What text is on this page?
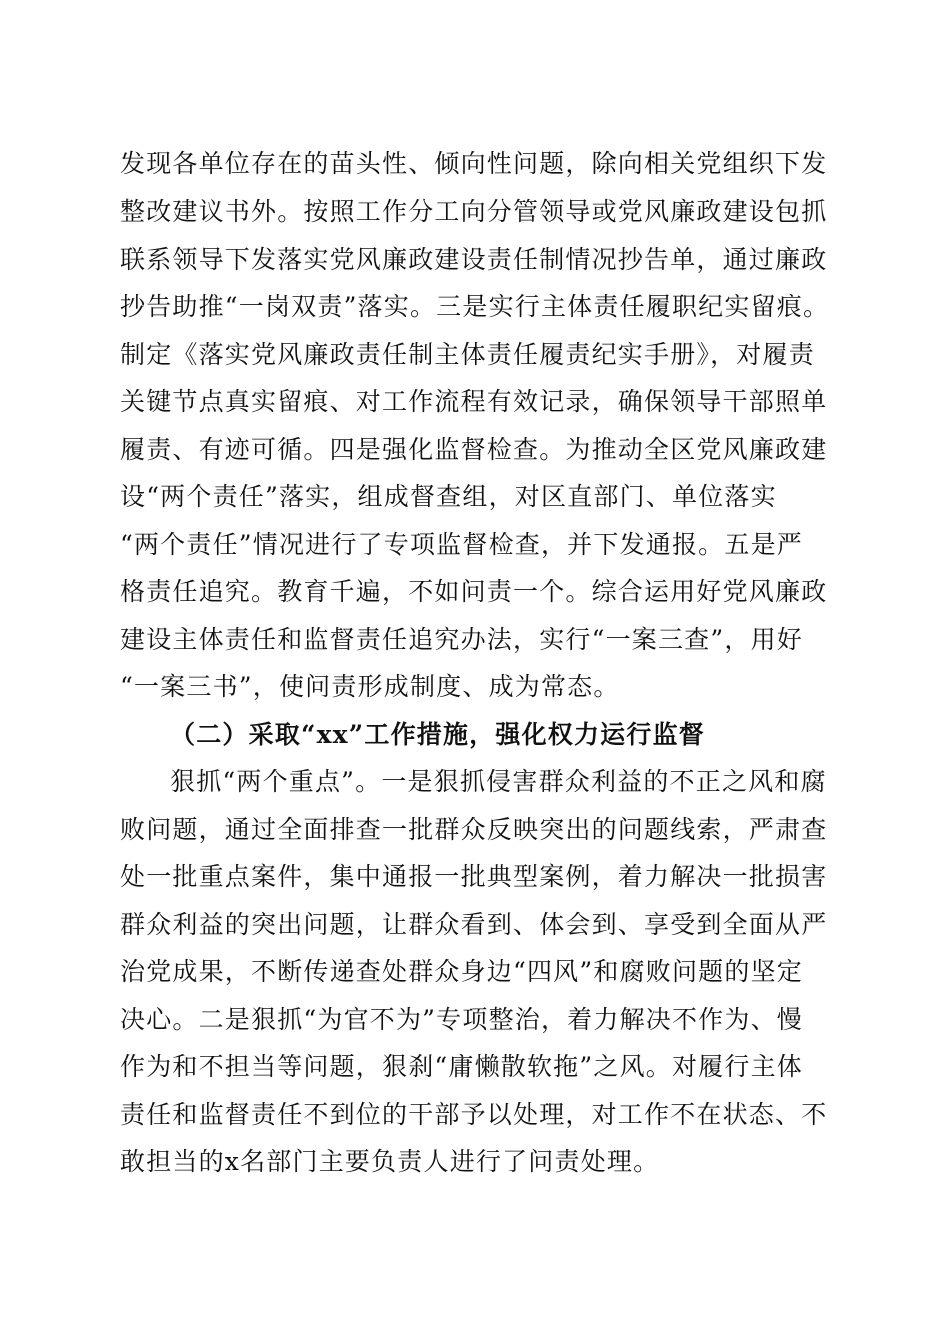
发现各单位存在的苗头性、倾向性问题，除向相关党组织下发
整改建议书外。按照工作分工向分管领导或党风廉政建设包抓
联系领导下发落实党风廉政建设责任制情况抄告单，通过廉政
抄告助推“一岗双责”落实。三是实行主体责任履职纪实留痕。
制定《落实党风廉政责任制主体责任履责纪实手册》，对履责
关键节点真实留痕、对工作流程有效记录，确保领导干部照单
履责、有迹可循。四是强化监督检查。为推动全区党风廉政建
设“两个责任”落实，组成督查组，对区直部门、单位落实
“两个责任”情况进行了专项监督检查，并下发通报。五是严
格责任追究。教育千遍，不如问责一个。综合运用好党风廉政
建设主体责任和监督责任追究办法，实行“一案三查”，用好
“一案三书”，使问责形成制度、成为常态。
（二）采取“xx”工作措施，强化权力运行监督
狠抓“两个重点”。一是狠抓侵害群众利益的不正之风和腐
败问题，通过全面排查一批群众反映突出的问题线索，严肃查
处一批重点案件，集中通报一批典型案例，着力解决一批损害
群众利益的突出问题，让群众看到、体会到、享受到全面从严
治党成果，不断传递查处群众身边“四风”和腐败问题的坚定
决心。二是狠抓“为官不为”专项整治，着力解决不作为、慢
作为和不担当等问题，狠刹“庸懒散软拖”之风。对履行主体
责任和监督责任不到位的干部予以处理，对工作不在状态、不
敢担当的x名部门主要负责人进行了问责处理。
